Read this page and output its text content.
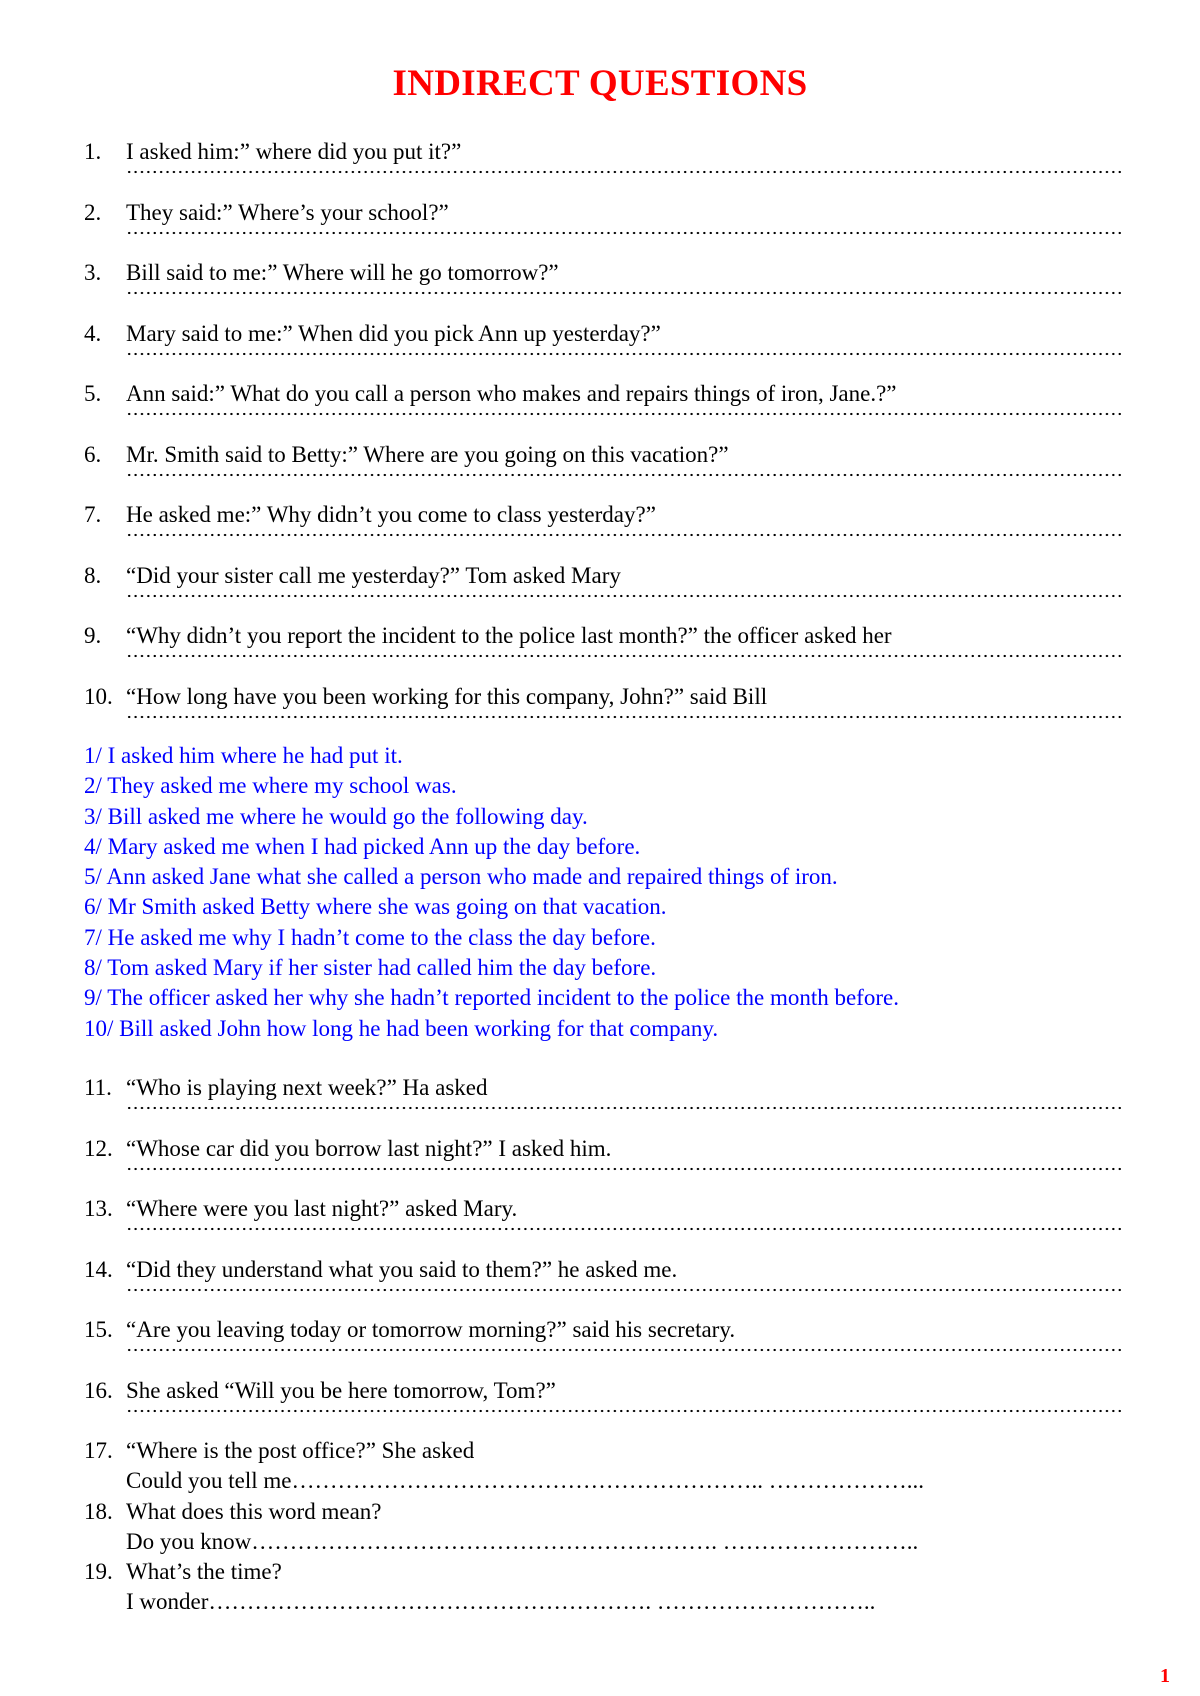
INDIRECT QUESTIONS
1. I asked him:” where did you put it?”
2. They said:” Where’s your school?”
3. Bill said to me:” Where will he go tomorrow?”
4. Mary said to me:” When did you pick Ann up yesterday?”
5. Ann said:” What do you call a person who makes and repairs things of iron, Jane.?”
6. Mr. Smith said to Betty:” Where are you going on this vacation?”
7. He asked me:” Why didn’t you come to class yesterday?”
8. “Did your sister call me yesterday?” Tom asked Mary
9. “Why didn’t you report the incident to the police last month?” the officer asked her
10. “How long have you been working for this company, John?” said Bill
1/ I asked him where he had put it.
2/ They asked me where my school was.
3/ Bill asked me where he would go the following day.
4/ Mary asked me when I had picked Ann up the day before.
5/ Ann asked Jane what she called a person who made and repaired things of iron.
6/ Mr Smith asked Betty where she was going on that vacation.
7/ He asked me why I hadn’t come to the class the day before.
8/ Tom asked Mary if her sister had called him the day before.
9/ The officer asked her why she hadn’t reported incident to the police the month before.
10/ Bill asked John how long he had been working for that company.
11. “Who is playing next week?” Ha asked
12. “Whose car did you borrow last night?” I asked him.
13. “Where were you last night?” asked Mary.
14. “Did they understand what you said to them?” he asked me.
15. “Are you leaving today or tomorrow morning?” said his secretary.
16. She asked “Will you be here tomorrow, Tom?”
17. “Where is the post office?” She asked
Could you tell me…………………………………………………….. ………………...
18. What does this word mean?
Do you know……………………………………………………. ……………………..
19. What’s the time?
I wonder…………………………………………………. ………………………..
1
